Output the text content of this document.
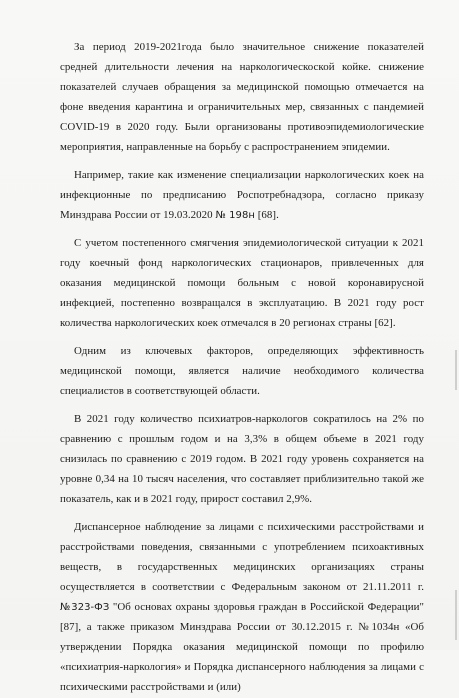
За период 2019-2021года было значительное снижение показателей средней длительности лечения на наркологическоской койке. снижение показателей случаев обращения за медицинской помощью отмечается на фоне введения карантина и ограничительных мер, связанных с пандемией COVID-19 в 2020 году. Были организованы противоэпидемиологические мероприятия, направленные на борьбу с распространением эпидемии.

Например, такие как изменение специализации наркологических коек на инфекционные по предписанию Роспотребнадзора, согласно приказу Минздрава России от 19.03.2020 № 198н [68].

С учетом постепенного смягчения эпидемиологической ситуации к 2021 году коечный фонд наркологических стационаров, привлеченных для оказания медицинской помощи больным с новой коронавирусной инфекцией, постепенно возвращался в эксплуатацию. В 2021 году рост количества наркологических коек отмечался в 20 регионах страны [62].

Одним из ключевых факторов, определяющих эффективность медицинской помощи, является наличие необходимого количества специалистов в соответствующей области.

В 2021 году количество психиатров-наркологов сократилось на 2% по сравнению с прошлым годом и на 3,3% в общем объеме в 2021 году снизилась по сравнению с 2019 годом. В 2021 году уровень сохраняется на уровне 0,34 на 10 тысяч населения, что составляет приблизительно такой же показатель, как и в 2021 году, прирост составил 2,9%.

Диспансерное наблюдение за лицами с психическими расстройствами и расстройствами поведения, связанными с употреблением психоактивных веществ, в государственных медицинских организациях страны осуществляется в соответствии с Федеральным законом от 21.11.2011 г. №323-ФЗ "Об основах охраны здоровья граждан в Российской Федерации" [87], а также приказом Минздрава России от 30.12.2015 г. №1034н «Об утверждении Порядка оказания медицинской помощи по профилю «психиатрия-наркология» и Порядка диспансерного наблюдения за лицами с психическими расстройствами и (или)
